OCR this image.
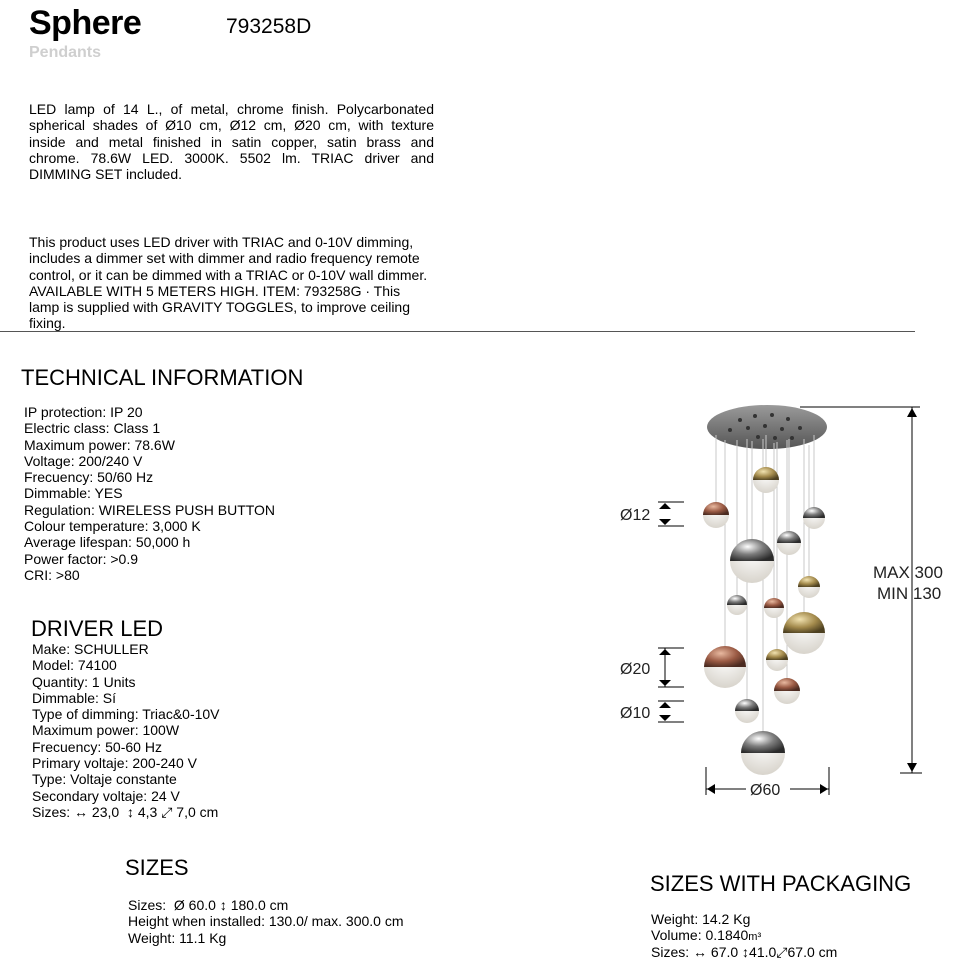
Sphere	793258D
Pendants
LED lamp of 14 L., of metal, chrome finish. Polycarbonated spherical shades of Ø10 cm, Ø12 cm, Ø20 cm, with texture inside and metal finished in satin copper, satin brass and chrome. 78.6W LED. 3000K. 5502 lm. TRIAC driver and DIMMING SET included.
This product uses LED driver with TRIAC and 0-10V dimming, includes a dimmer set with dimmer and radio frequency remote control, or it can be dimmed with a TRIAC or 0-10V wall dimmer. AVAILABLE WITH 5 METERS HIGH. ITEM: 793258G · This lamp is supplied with GRAVITY TOGGLES, to improve ceiling fixing.
TECHNICAL INFORMATION
IP protection: IP 20
Electric class: Class 1
Maximum power: 78.6W
Voltage: 200/240 V
Frecuency: 50/60 Hz
Dimmable: YES
Regulation: WIRELESS PUSH BUTTON
Colour temperature: 3,000 K
Average lifespan: 50,000 h
Power factor: >0.9
CRI: >80
DRIVER LED
Make: SCHULLER
Model: 74100
Quantity: 1 Units
Dimmable: Sí
Type of dimming: Triac&0-10V
Maximum power: 100W
Frecuency: 50-60 Hz
Primary voltaje: 200-240 V
Type: Voltaje constante
Secondary voltaje: 24 V
Sizes: ↔ 23,0 ↕ 4,3 ⤢ 7,0 cm
SIZES
Sizes: Ø 60.0 ↕ 180.0 cm
Height when installed: 130.0/ max. 300.0 cm
Weight: 11.1 Kg
SIZES WITH PACKAGING
Weight: 14.2 Kg
Volume: 0.1840m³
Sizes: ↔ 67.0 ↕41.0⤢67.0 cm
Ø12
Ø20
Ø10
Ø60
MAX 300
MIN 130
